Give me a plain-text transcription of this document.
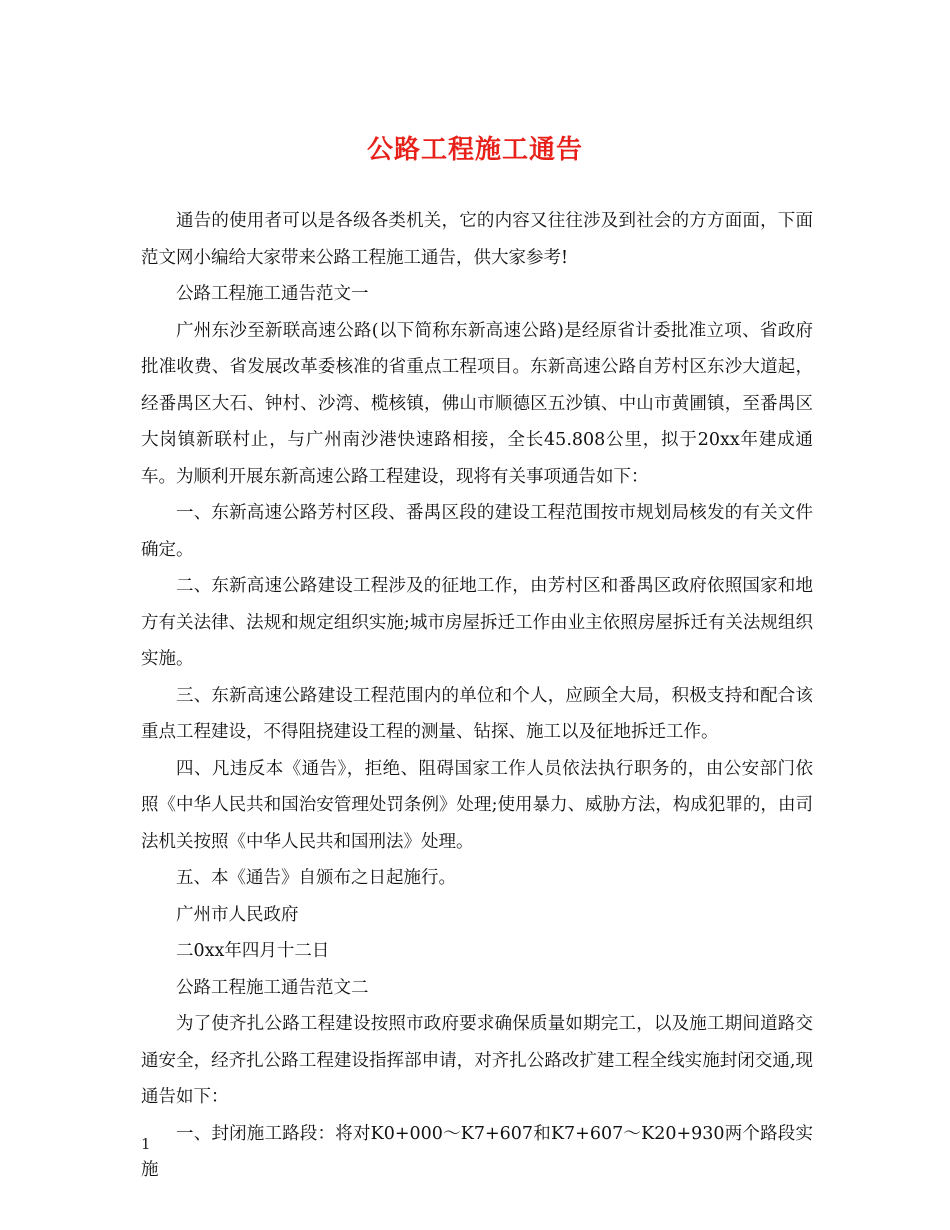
公路工程施工通告

通告的使用者可以是各级各类机关，它的内容又往往涉及到社会的方方面面，下面范文网小编给大家带来公路工程施工通告，供大家参考!

公路工程施工通告范文一

广州东沙至新联高速公路(以下简称东新高速公路)是经原省计委批准立项、省政府批准收费、省发展改革委核准的省重点工程项目。东新高速公路自芳村区东沙大道起，经番禺区大石、钟村、沙湾、榄核镇，佛山市顺德区五沙镇、中山市黄圃镇，至番禺区大岗镇新联村止，与广州南沙港快速路相接，全长45.808公里，拟于20xx年建成通车。为顺利开展东新高速公路工程建设，现将有关事项通告如下：

一、东新高速公路芳村区段、番禺区段的建设工程范围按市规划局核发的有关文件确定。

二、东新高速公路建设工程涉及的征地工作，由芳村区和番禺区政府依照国家和地方有关法律、法规和规定组织实施;城市房屋拆迁工作由业主依照房屋拆迁有关法规组织实施。

三、东新高速公路建设工程范围内的单位和个人，应顾全大局，积极支持和配合该重点工程建设，不得阻挠建设工程的测量、钻探、施工以及征地拆迁工作。

四、凡违反本《通告》，拒绝、阻碍国家工作人员依法执行职务的，由公安部门依照《中华人民共和国治安管理处罚条例》处理;使用暴力、威胁方法，构成犯罪的，由司法机关按照《中华人民共和国刑法》处理。

五、本《通告》自颁布之日起施行。

广州市人民政府

二0xx年四月十二日

公路工程施工通告范文二

为了使齐扎公路工程建设按照市政府要求确保质量如期完工，以及施工期间道路交通安全，经齐扎公路工程建设指挥部申请，对齐扎公路改扩建工程全线实施封闭交通,现通告如下：

一、封闭施工路段：将对K0+000～K7+607和K7+607～K20+930两个路段实施

1
